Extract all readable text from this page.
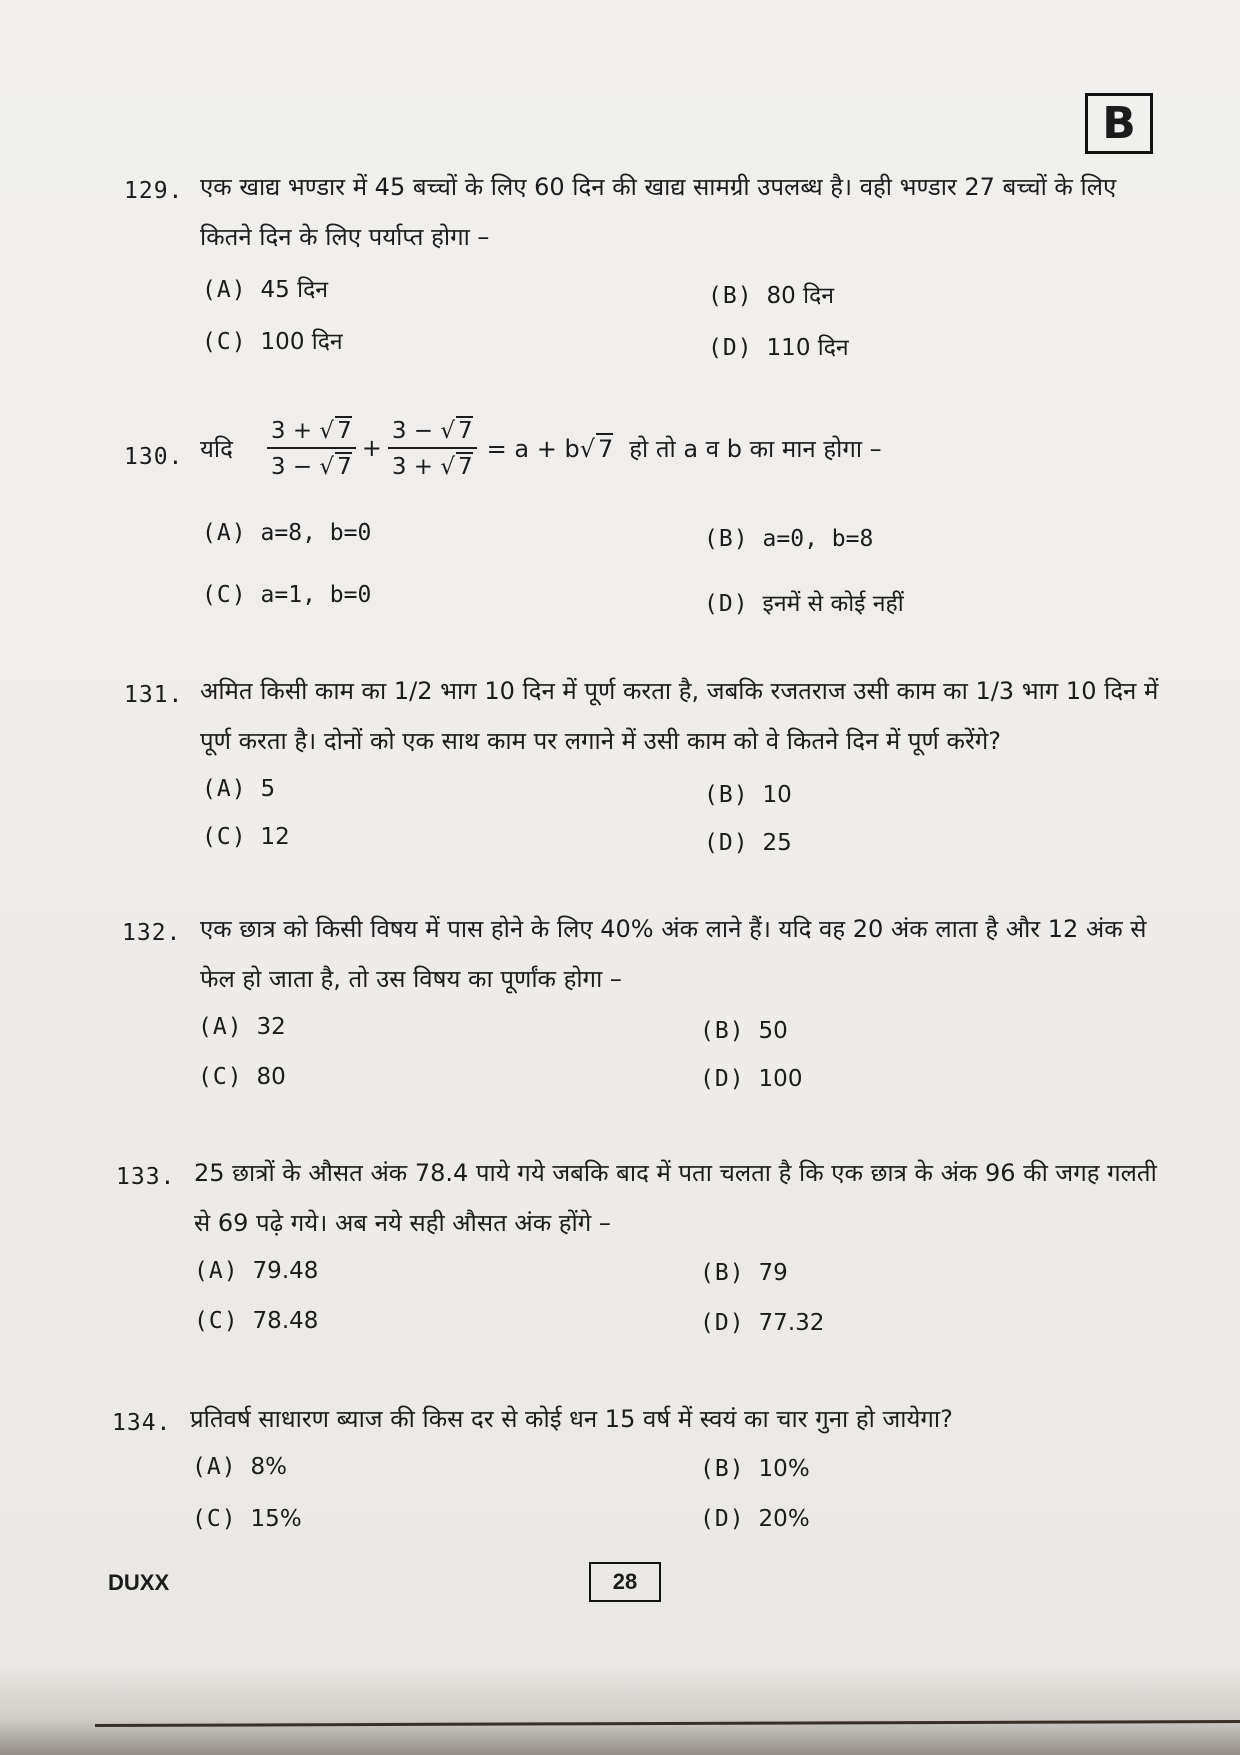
B
129. एक खाद्य भण्डार में 45 बच्चों के लिए 60 दिन की खाद्य सामग्री उपलब्ध है। वही भण्डार 27 बच्चों के लिए कितने दिन के लिए पर्याप्त होगा –
(A) 45 दिन	(B) 80 दिन
(C) 100 दिन	(D) 110 दिन
130. यदि $\frac{3 + √ 7}{3 - √ 7} + \frac{3 - √ 7}{3 + √ 7} = a + b√$ 7 हो तो a व b का मान होगा –
(A) a=8, b=0	(B) a=0, b=8
(C) a=1, b=0	(D) इनमें से कोई नहीं
131. अमित किसी काम का 1/2 भाग 10 दिन में पूर्ण करता है, जबकि रजतराज उसी काम का 1/3 भाग 10 दिन में पूर्ण करता है। दोनों को एक साथ काम पर लगाने में उसी काम को वे कितने दिन में पूर्ण करेंगे?
(A) 5	(B) 10
(C) 12	(D) 25
132. एक छात्र को किसी विषय में पास होने के लिए 40% अंक लाने हैं। यदि वह 20 अंक लाता है और 12 अंक से फेल हो जाता है, तो उस विषय का पूर्णांक होगा –
(A) 32	(B) 50
(C) 80	(D) 100
133. 25 छात्रों के औसत अंक 78.4 पाये गये जबकि बाद में पता चलता है कि एक छात्र के अंक 96 की जगह गलती से 69 पढ़े गये। अब नये सही औसत अंक होंगे –
(A) 79.48	(B) 79
(C) 78.48	(D) 77.32
134. प्रतिवर्ष साधारण ब्याज की किस दर से कोई धन 15 वर्ष में स्वयं का चार गुना हो जायेगा?
(A) 8%	(B) 10%
(C) 15%	(D) 20%
DUXX	28
